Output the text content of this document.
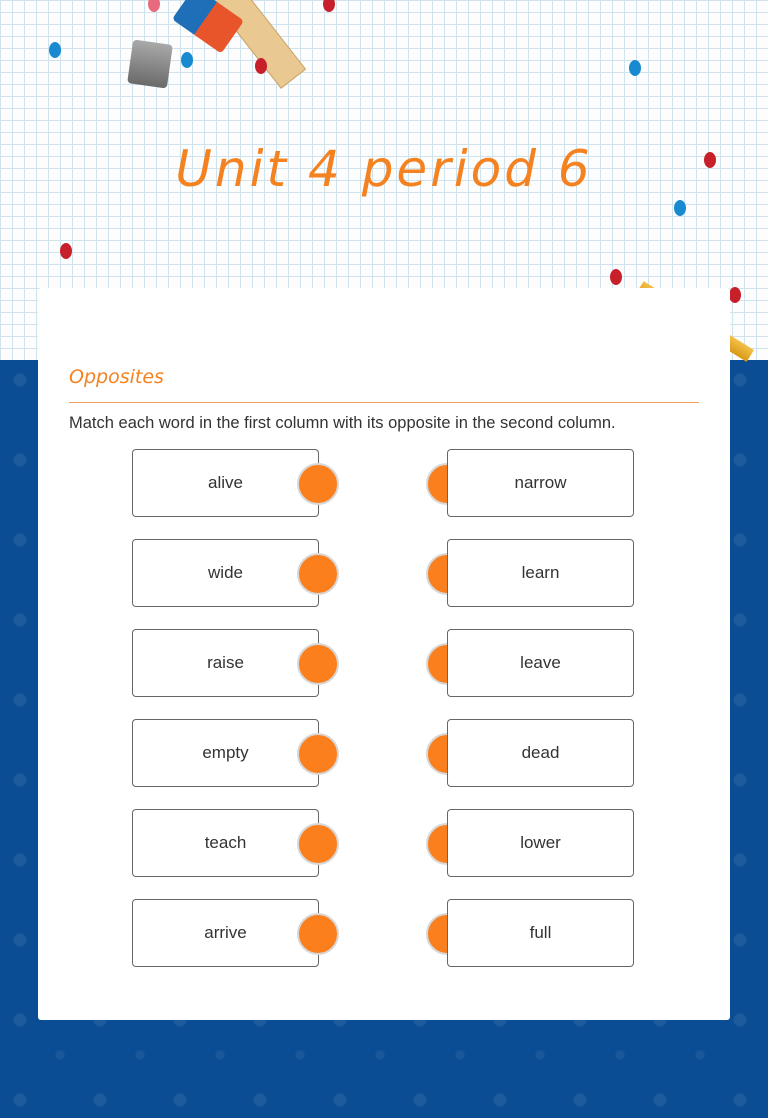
Unit 4 period 6
Opposites
Match each word in the first column with its opposite in the second column.
alive	narrow
wide	learn
raise	leave
empty	dead
teach	lower
arrive	full
